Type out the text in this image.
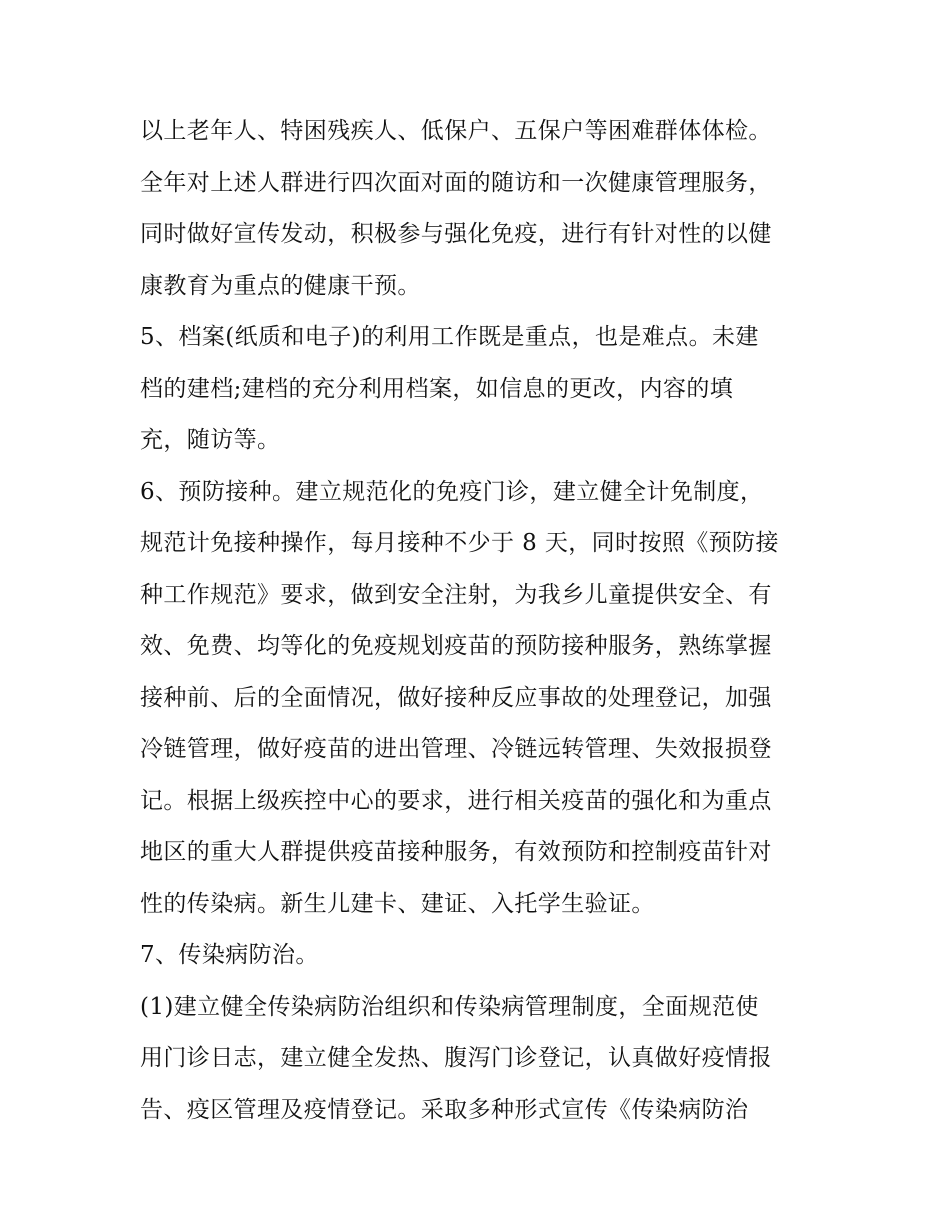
以上老年人、特困残疾人、低保户、五保户等困难群体体检。
全年对上述人群进行四次面对面的随访和一次健康管理服务，
同时做好宣传发动，积极参与强化免疫，进行有针对性的以健
康教育为重点的健康干预。
5、档案(纸质和电子)的利用工作既是重点，也是难点。未建
档的建档;建档的充分利用档案，如信息的更改，内容的填
充，随访等。
6、预防接种。建立规范化的免疫门诊，建立健全计免制度，
规范计免接种操作，每月接种不少于 8 天，同时按照《预防接
种工作规范》要求，做到安全注射，为我乡儿童提供安全、有
效、免费、均等化的免疫规划疫苗的预防接种服务，熟练掌握
接种前、后的全面情况，做好接种反应事故的处理登记，加强
冷链管理，做好疫苗的进出管理、冷链远转管理、失效报损登
记。根据上级疾控中心的要求，进行相关疫苗的强化和为重点
地区的重大人群提供疫苗接种服务，有效预防和控制疫苗针对
性的传染病。新生儿建卡、建证、入托学生验证。
7、传染病防治。
(1)建立健全传染病防治组织和传染病管理制度，全面规范使
用门诊日志，建立健全发热、腹泻门诊登记，认真做好疫情报
告、疫区管理及疫情登记。采取多种形式宣传《传染病防治
